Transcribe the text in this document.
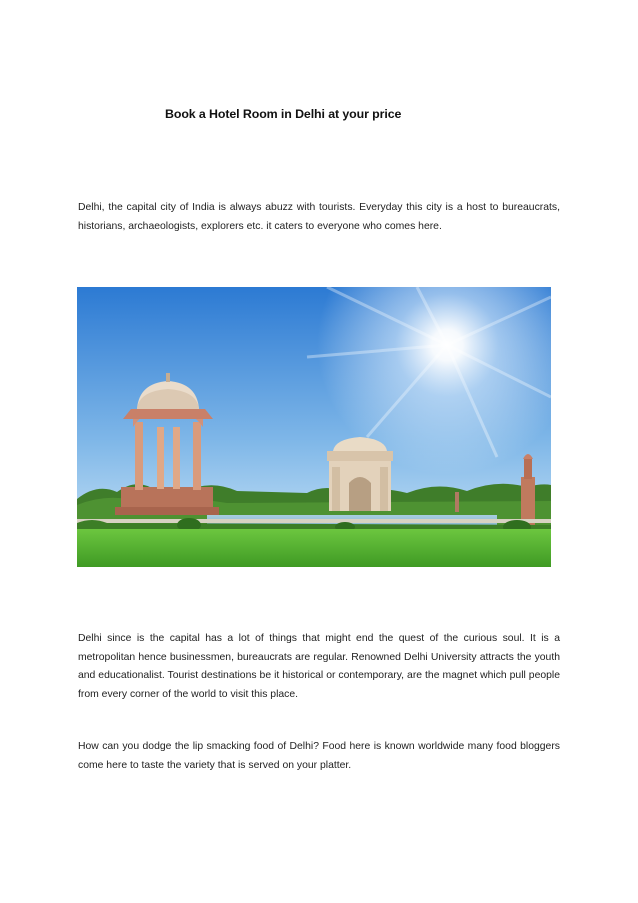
Book a Hotel Room in Delhi at your price

Delhi, the capital city of India is always abuzz with tourists. Everyday this city is a host to bureaucrats, historians, archaeologists, explorers etc. it caters to everyone who comes here.

Delhi since is the capital has a lot of things that might end the quest of the curious soul. It is a metropolitan hence businessmen, bureaucrats are regular. Renowned Delhi University attracts the youth and educationalist. Tourist destinations be it historical or contemporary, are the magnet which pull people from every corner of the world to visit this place.

How can you dodge the lip smacking food of Delhi? Food here is known worldwide many food bloggers come here to taste the variety that is served on your platter.
